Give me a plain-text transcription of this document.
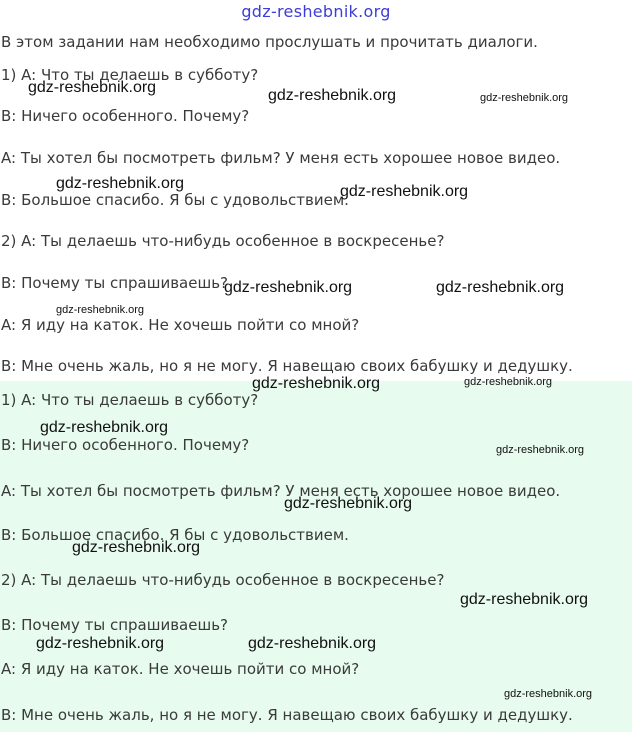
gdz-reshebnik.org
В этом задании нам необходимо прослушать и прочитать диалоги.
1) A: Что ты делаешь в субботу?
B: Ничего особенного. Почему?
A: Ты хотел бы посмотреть фильм? У меня есть хорошее новое видео.
B: Большое спасибо. Я бы с удовольствием.
2) A: Ты делаешь что-нибудь особенное в воскресенье?
B: Почему ты спрашиваешь?
A: Я иду на каток. Не хочешь пойти со мной?
B: Мне очень жаль, но я не могу. Я навещаю своих бабушку и дедушку.
1) A: Что ты делаешь в субботу?
B: Ничего особенного. Почему?
A: Ты хотел бы посмотреть фильм? У меня есть хорошее новое видео.
B: Большое спасибо. Я бы с удовольствием.
2) A: Ты делаешь что-нибудь особенное в воскресенье?
B: Почему ты спрашиваешь?
A: Я иду на каток. Не хочешь пойти со мной?
B: Мне очень жаль, но я не могу. Я навещаю своих бабушку и дедушку.
gdz-reshebnik.org	gdz-reshebnik.org	gdz-reshebnik.org
gdz-reshebnik.org	gdz-reshebnik.org
gdz-reshebnik.org	gdz-reshebnik.org
gdz-reshebnik.org
gdz-reshebnik.org	gdz-reshebnik.org
gdz-reshebnik.org
gdz-reshebnik.org
gdz-reshebnik.org
gdz-reshebnik.org
gdz-reshebnik.org
gdz-reshebnik.org	gdz-reshebnik.org
gdz-reshebnik.org
